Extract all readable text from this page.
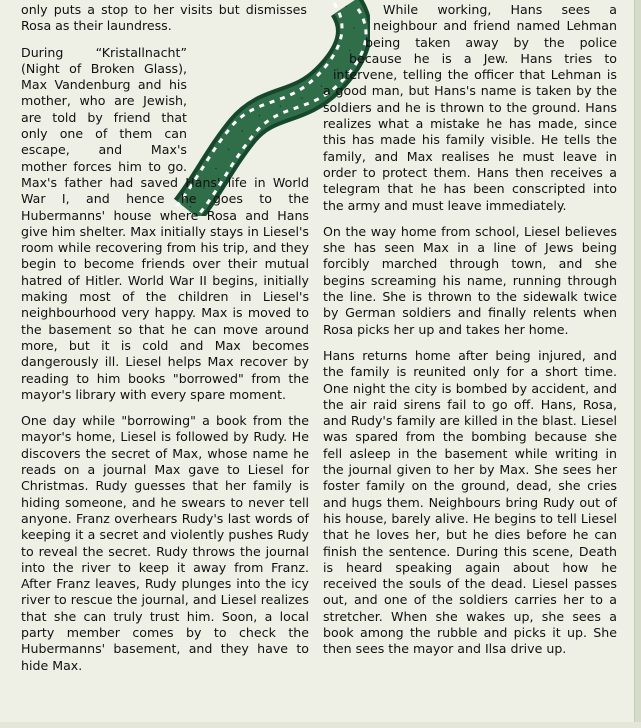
only puts a stop to her visits but dismisses Rosa as their laundress.

During “Kristallnacht” (Night of Broken Glass), Max Vandenburg and his mother, who are Jewish, are told by friend that only one of them can escape, and Max's mother forces him to go. Max's father had saved Hans' life in World War I, and hence he goes to the Hubermanns' house where Rosa and Hans give him shelter. Max initially stays in Liesel's room while recovering from his trip, and they begin to become friends over their mutual hatred of Hitler. World War II begins, initially making most of the children in Liesel's neighbourhood very happy. Max is moved to the basement so that he can move around more, but it is cold and Max becomes dangerously ill. Liesel helps Max recover by reading to him books "borrowed" from the mayor's library with every spare moment.

One day while "borrowing" a book from the mayor's home, Liesel is followed by Rudy. He discovers the secret of Max, whose name he reads on a journal Max gave to Liesel for Christmas. Rudy guesses that her family is hiding someone, and he swears to never tell anyone. Franz overhears Rudy's last words of keeping it a secret and violently pushes Rudy to reveal the secret. Rudy throws the journal into the river to keep it away from Franz. After Franz leaves, Rudy plunges into the icy river to rescue the journal, and Liesel realizes that she can truly trust him. Soon, a local party member comes by to check the Hubermanns' basement, and they have to hide Max.

While working, Hans sees a neighbour and friend named Lehman being taken away by the police because he is a Jew. Hans tries to intervene, telling the officer that Lehman is a good man, but Hans's name is taken by the soldiers and he is thrown to the ground. Hans realizes what a mistake he has made, since this has made his family visible. He tells the family, and Max realises he must leave in order to protect them. Hans then receives a telegram that he has been conscripted into the army and must leave immediately.

On the way home from school, Liesel believes she has seen Max in a line of Jews being forcibly marched through town, and she begins screaming his name, running through the line. She is thrown to the sidewalk twice by German soldiers and finally relents when Rosa picks her up and takes her home.

Hans returns home after being injured, and the family is reunited only for a short time. One night the city is bombed by accident, and the air raid sirens fail to go off. Hans, Rosa, and Rudy's family are killed in the blast. Liesel was spared from the bombing because she fell asleep in the basement while writing in the journal given to her by Max. She sees her foster family on the ground, dead, she cries and hugs them. Neighbours bring Rudy out of his house, barely alive. He begins to tell Liesel that he loves her, but he dies before he can finish the sentence. During this scene, Death is heard speaking again about how he received the souls of the dead. Liesel passes out, and one of the soldiers carries her to a stretcher. When she wakes up, she sees a book among the rubble and picks it up. She then sees the mayor and Ilsa drive up.
